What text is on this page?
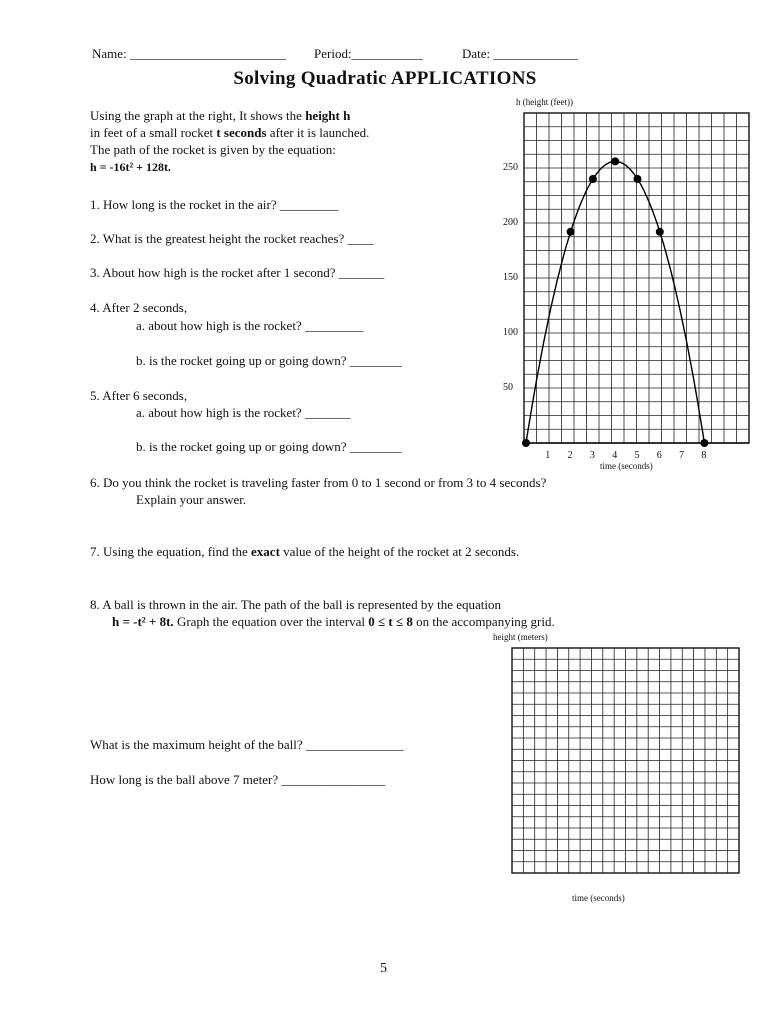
Name: ________________________ Period:___________	Date: _____________
Solving Quadratic APPLICATIONS
Using the graph at the right, It shows the height h
in feet of a small rocket t seconds after it is launched.
The path of the rocket is given by the equation:
h = -16t² + 128t.
1. How long is the rocket in the air? _________
2. What is the greatest height the rocket reaches? ____
3. About how high is the rocket after 1 second? _______
4. After 2 seconds,
a. about how high is the rocket? _________
b. is the rocket going up or going down? ________
5. After 6 seconds,
a. about how high is the rocket? _______
b. is the rocket going up or going down? ________
6. Do you think the rocket is traveling faster from 0 to 1 second or from 3 to 4 seconds?
Explain your answer.
7. Using the equation, find the exact value of the height of the rocket at 2 seconds.
8. A ball is thrown in the air. The path of the ball is represented by the equation
h = -t² + 8t. Graph the equation over the interval 0 ≤ t ≤ 8 on the accompanying grid.
What is the maximum height of the ball? _______________
How long is the ball above 7 meter? ________________
h (height (feet))
time (seconds)
50
100
150
200
250
1 2 3 4 5 6 7 8
height (meters)
time (seconds)
5
